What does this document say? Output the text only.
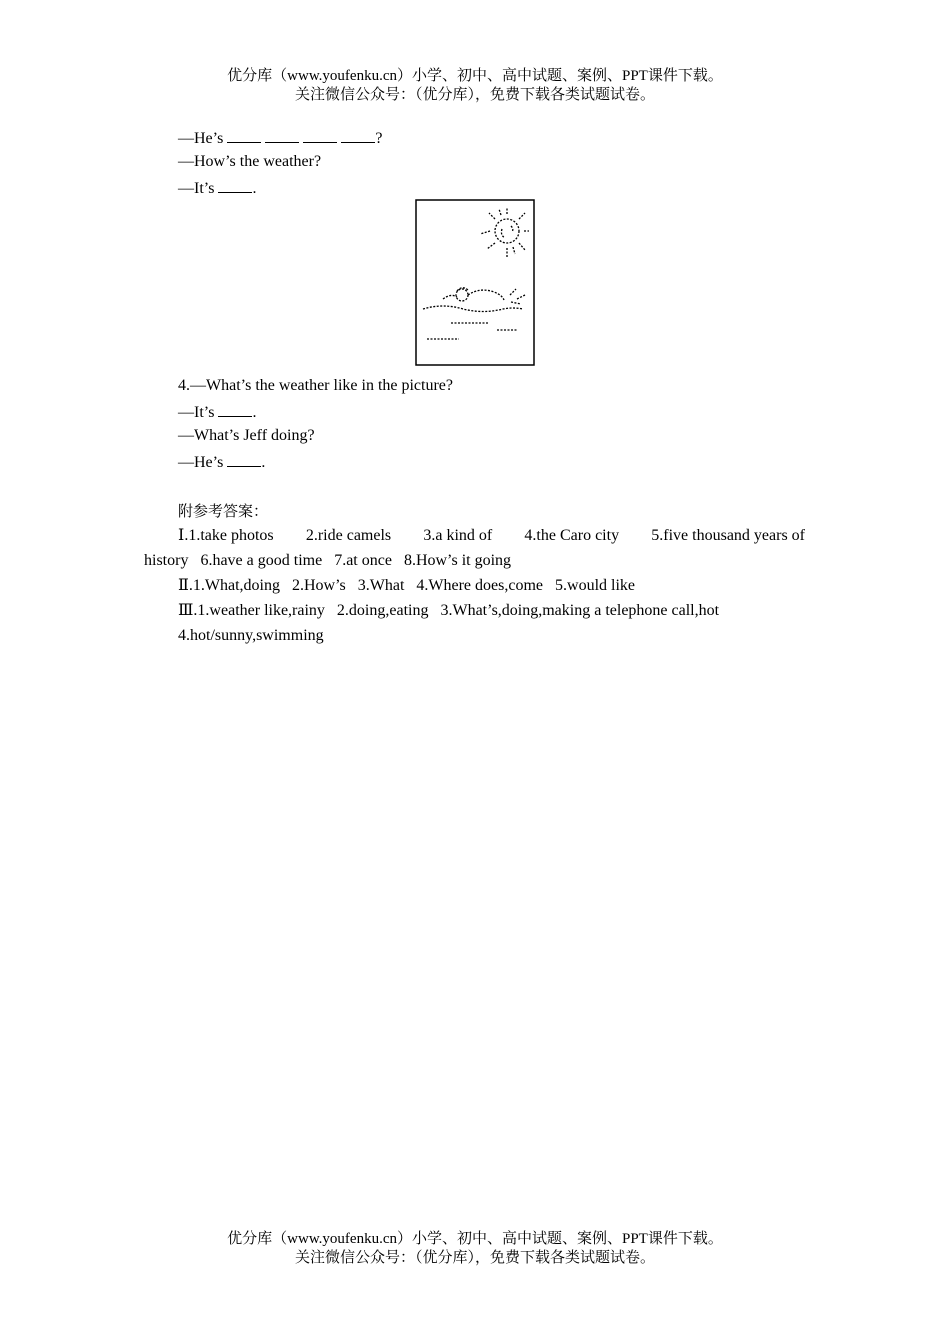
优分库（www.youfenku.cn）小学、初中、高中试题、案例、PPT课件下载。
关注微信公众号：（优分库），免费下载各类试题试卷。
—He’s	?
—How’s the weather?
—It’s .
4.—What’s the weather like in the picture?
—It’s .
—What’s Jeff doing?
—He’s .
附参考答案：
Ⅰ.1.take photos 2.ride camels 3.a kind of 4.the Caro city 5.five thousand years of
history   6.have a good time   7.at once   8.How’s it going
Ⅱ.1.What,doing   2.How’s   3.What   4.Where does,come   5.would like
Ⅲ.1.weather like,rainy   2.doing,eating   3.What’s,doing,making a telephone call,hot
4.hot/sunny,swimming
优分库（www.youfenku.cn）小学、初中、高中试题、案例、PPT课件下载。
关注微信公众号：（优分库），免费下载各类试题试卷。
